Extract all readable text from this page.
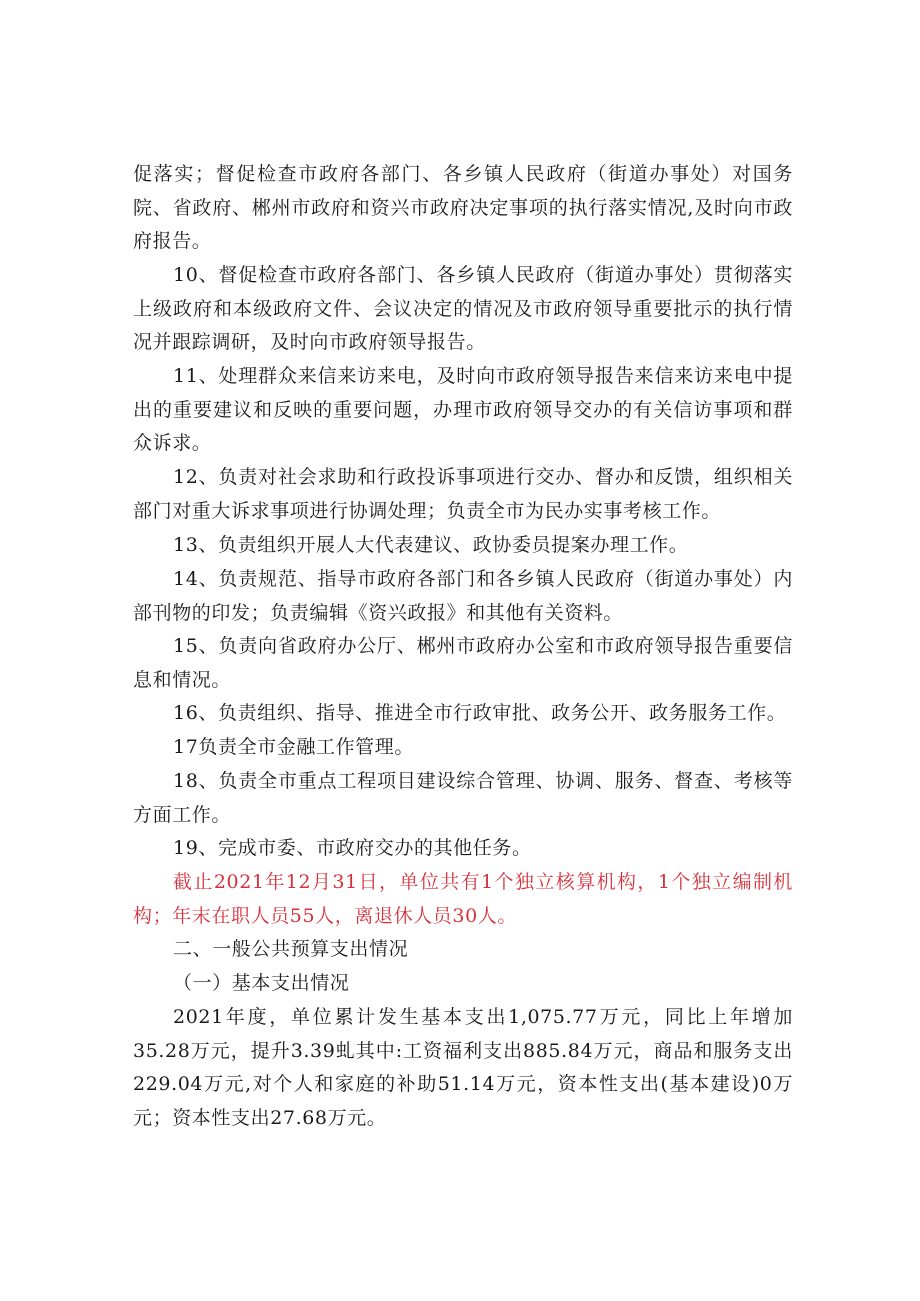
促落实；督促检查市政府各部门、各乡镇人民政府（街道办事处）对国务院、省政府、郴州市政府和资兴市政府决定事项的执行落实情况,及时向市政府报告。

10、督促检查市政府各部门、各乡镇人民政府（街道办事处）贯彻落实上级政府和本级政府文件、会议决定的情况及市政府领导重要批示的执行情况并跟踪调研，及时向市政府领导报告。

11、处理群众来信来访来电，及时向市政府领导报告来信来访来电中提出的重要建议和反映的重要问题，办理市政府领导交办的有关信访事项和群众诉求。

12、负责对社会求助和行政投诉事项进行交办、督办和反馈，组织相关部门对重大诉求事项进行协调处理；负责全市为民办实事考核工作。

13、负责组织开展人大代表建议、政协委员提案办理工作。

14、负责规范、指导市政府各部门和各乡镇人民政府（街道办事处）内部刊物的印发；负责编辑《资兴政报》和其他有关资料。

15、负责向省政府办公厅、郴州市政府办公室和市政府领导报告重要信息和情况。

16、负责组织、指导、推进全市行政审批、政务公开、政务服务工作。

17负责全市金融工作管理。

18、负责全市重点工程项目建设综合管理、协调、服务、督查、考核等方面工作。

19、完成市委、市政府交办的其他任务。

截止2021年12月31日，单位共有1个独立核算机构，1个独立编制机构；年末在职人员55人，离退休人员30人。

二、一般公共预算支出情况

（一）基本支出情况

2021年度，单位累计发生基本支出1,075.77万元，同比上年增加35.28万元，提升3.39虬其中:工资福利支出885.84万元，商品和服务支出229.04万元,对个人和家庭的补助51.14万元，资本性支出(基本建设)0万元；资本性支出27.68万元。
